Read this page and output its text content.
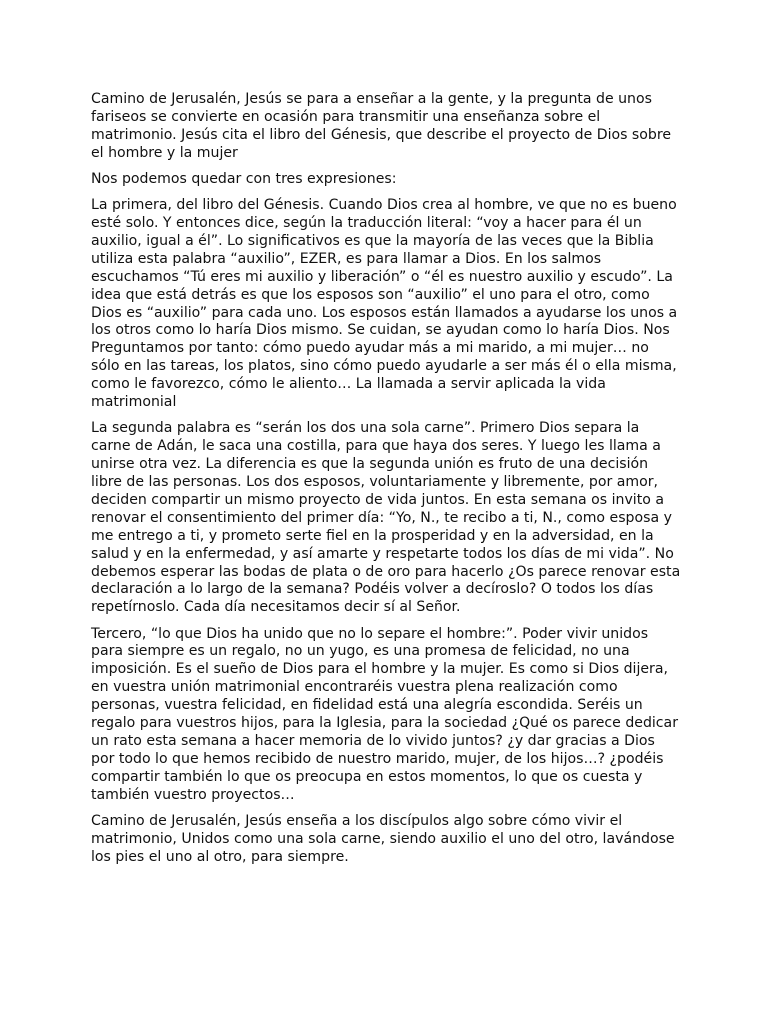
Camino de Jerusalén, Jesús se para a enseñar a la gente, y la pregunta de unos fariseos se convierte en ocasión para transmitir una enseñanza sobre el matrimonio. Jesús cita el libro del Génesis, que describe el proyecto de Dios sobre el hombre y la mujer

Nos podemos quedar con tres expresiones:

La primera, del libro del Génesis. Cuando Dios crea al hombre, ve que no es bueno esté solo. Y entonces dice, según la traducción literal: “voy a hacer para él un auxilio, igual a él”. Lo significativos es que la mayoría de las veces que la Biblia utiliza esta palabra “auxilio”, EZER, es para llamar a Dios. En los salmos escuchamos “Tú eres mi auxilio y liberación” o “él es nuestro auxilio y escudo”. La idea que está detrás es que los esposos son “auxilio” el uno para el otro, como Dios es “auxilio” para cada uno. Los esposos están llamados a ayudarse los unos a los otros como lo haría Dios mismo. Se cuidan, se ayudan como lo haría Dios. Nos Preguntamos por tanto: cómo puedo ayudar más a mi marido, a mi mujer… no sólo en las tareas, los platos, sino cómo puedo ayudarle a ser más él o ella misma, como le favorezco, cómo le aliento… La llamada a servir aplicada la vida matrimonial

La segunda palabra es “serán los dos una sola carne”. Primero Dios separa la carne de Adán, le saca una costilla, para que haya dos seres. Y luego les llama a unirse otra vez. La diferencia es que la segunda unión es fruto de una decisión libre de las personas. Los dos esposos, voluntariamente y libremente, por amor, deciden compartir un mismo proyecto de vida juntos. En esta semana os invito a renovar el consentimiento del primer día: “Yo, N., te recibo a ti, N., como esposa y me entrego a ti, y prometo serte fiel en la prosperidad y en la adversidad, en la salud y en la enfermedad, y así amarte y respetarte todos los días de mi vida”. No debemos esperar las bodas de plata o de oro para hacerlo ¿Os parece renovar esta declaración a lo largo de la semana? Podéis volver a decíroslo? O todos los días repetírnoslo. Cada día necesitamos decir sí al Señor.

Tercero, “lo que Dios ha unido que no lo separe el hombre:”. Poder vivir unidos para siempre es un regalo, no un yugo, es una promesa de felicidad, no una imposición. Es el sueño de Dios para el hombre y la mujer. Es como si Dios dijera, en vuestra unión matrimonial encontraréis vuestra plena realización como personas, vuestra felicidad, en fidelidad está una alegría escondida. Seréis un regalo para vuestros hijos, para la Iglesia, para la sociedad ¿Qué os parece dedicar un rato esta semana a hacer memoria de lo vivido juntos? ¿y dar gracias a Dios por todo lo que hemos recibido de nuestro marido, mujer, de los hijos…? ¿podéis compartir también lo que os preocupa en estos momentos, lo que os cuesta y también vuestro proyectos…

Camino de Jerusalén, Jesús enseña a los discípulos algo sobre cómo vivir el matrimonio, Unidos como una sola carne, siendo auxilio el uno del otro, lavándose los pies el uno al otro, para siempre.
